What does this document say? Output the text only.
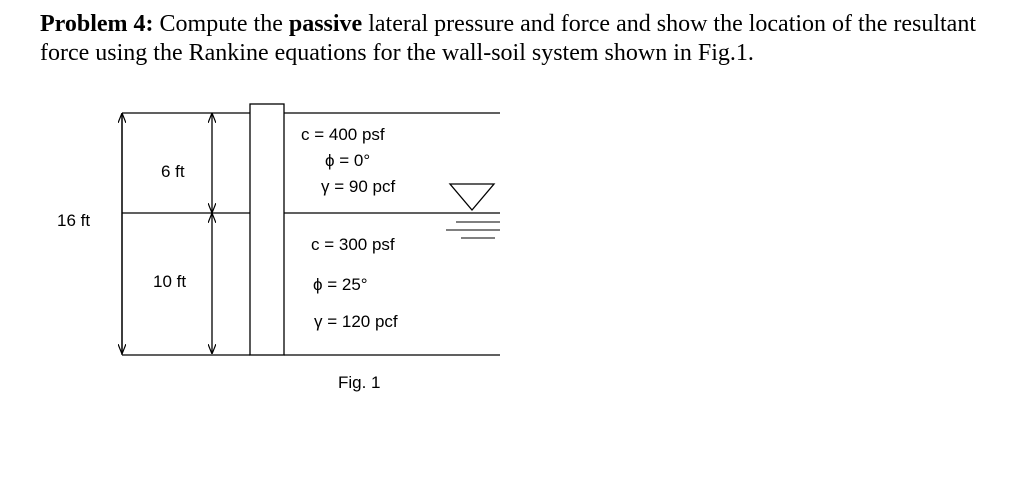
Problem 4: Compute the passive lateral pressure and force and show the location of the resultant force using the Rankine equations for the wall-soil system shown in Fig.1.
16 ft
6 ft
10 ft
c = 400 psf
ϕ = 0°
γ = 90 pcf
c = 300 psf
ϕ = 25°
γ = 120 pcf
Fig. 1
